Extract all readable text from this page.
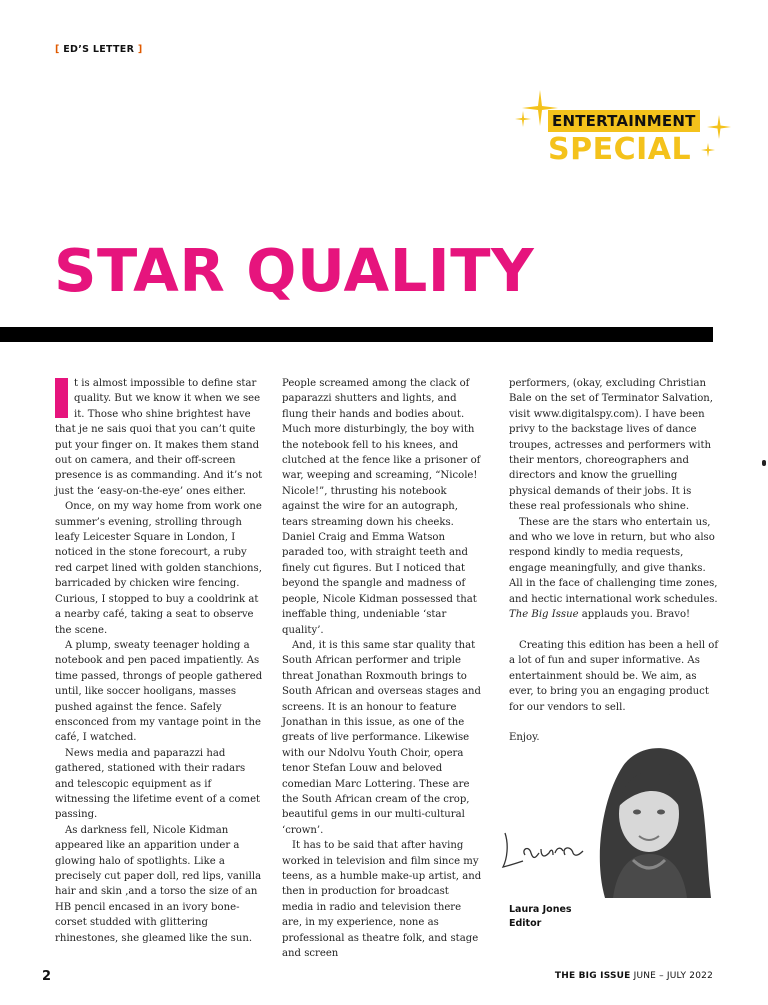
[ ED’S LETTER ]
ENTERTAINMENT
SPECIAL
STAR QUALITY

t is almost impossible to define star quality. But we know it when we see it. Those who shine brightest have that je ne sais quoi that you can’t quite put your finger on. It makes them stand out on camera, and their off-screen presence is as commanding. And it’s not just the ‘easy-on-the-eye’ ones either.

Once, on my way home from work one summer’s evening, strolling through leafy Leicester Square in London, I noticed in the stone forecourt, a ruby red carpet lined with golden stanchions, barricaded by chicken wire fencing. Curious, I stopped to buy a cooldrink at a nearby café, taking a seat to observe the scene.

A plump, sweaty teenager holding a notebook and pen paced impatiently. As time passed, throngs of people gathered until, like soccer hooligans, masses pushed against the fence. Safely ensconced from my vantage point in the café, I watched.

News media and paparazzi had gathered, stationed with their radars and telescopic equipment as if witnessing the lifetime event of a comet passing.

As darkness fell, Nicole Kidman appeared like an apparition under a glowing halo of spotlights. Like a precisely cut paper doll, red lips, vanilla hair and skin ,and a torso the size of an HB pencil encased in an ivory bone-corset studded with glittering rhinestones, she gleamed like the sun.

People screamed among the clack of paparazzi shutters and lights, and flung their hands and bodies about. Much more disturbingly, the boy with the notebook fell to his knees, and clutched at the fence like a prisoner of war, weeping and screaming, “Nicole! Nicole!”, thrusting his notebook against the wire for an autograph, tears streaming down his cheeks. Daniel Craig and Emma Watson paraded too, with straight teeth and finely cut figures. But I noticed that beyond the spangle and madness of people, Nicole Kidman possessed that ineffable thing, undeniable ‘star quality’.

And, it is this same star quality that South African performer and triple threat Jonathan Roxmouth brings to South African and overseas stages and screens. It is an honour to feature Jonathan in this issue, as one of the greats of live performance. Likewise with our Ndolvu Youth Choir, opera tenor Stefan Louw and beloved comedian Marc Lottering. These are the South African cream of the crop, beautiful gems in our multi-cultural ‘crown’.

It has to be said that after having worked in television and film since my teens, as a humble make-up artist, and then in production for broadcast media in radio and television there are, in my experience, none as professional as theatre folk, and stage and screen

performers, (okay, excluding Christian Bale on the set of Terminator Salvation, visit www.digitalspy.com). I have been privy to the backstage lives of dance troupes, actresses and performers with their mentors, choreographers and directors and know the gruelling physical demands of their jobs. It is these real professionals who shine.

These are the stars who entertain us, and who we love in return, but who also respond kindly to media requests, engage meaningfully, and give thanks. All in the face of challenging time zones, and hectic international work schedules. The Big Issue applauds you. Bravo!

Creating this edition has been a hell of a lot of fun and super informative. As entertainment should be. We aim, as ever, to bring you an engaging product for our vendors to sell.

Enjoy.

Laura Jones
Editor
2	THE BIG ISSUE JUNE – JULY 2022
